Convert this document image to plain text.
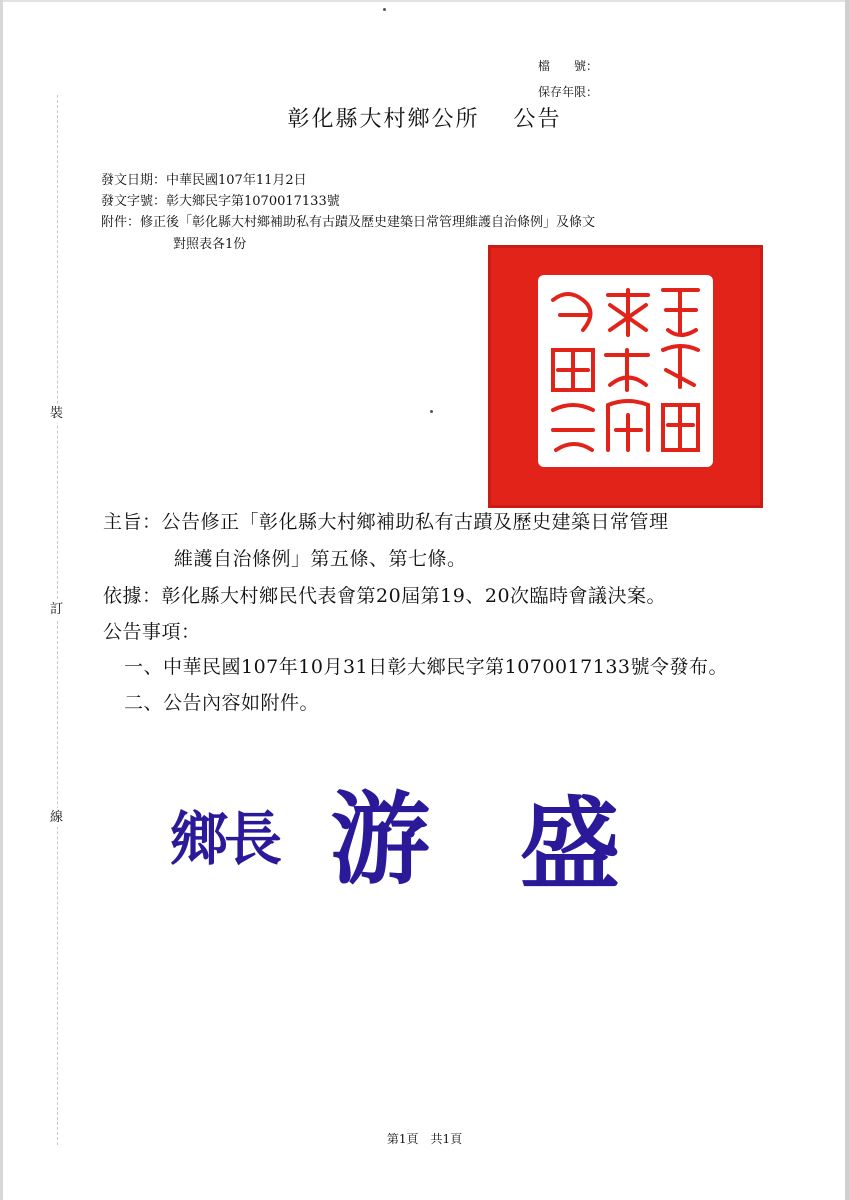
裝
訂
線
檔　　號：
保存年限：
彰化縣大村鄉公所 公告
發文日期：中華民國107年11月2日
發文字號：彰大鄉民字第1070017133號
附件：修正後「彰化縣大村鄉補助私有古蹟及歷史建築日常管理維護自治條例」及條文
對照表各1份
主旨：公告修正「彰化縣大村鄉補助私有古蹟及歷史建築日常管理
維護自治條例」第五條、第七條。
依據：彰化縣大村鄉民代表會第20屆第19、20次臨時會議決案。
公告事項：
一、中華民國107年10月31日彰大鄉民字第1070017133號令發布。
二、公告內容如附件。
鄉長 游 盛
第1頁　共1頁
